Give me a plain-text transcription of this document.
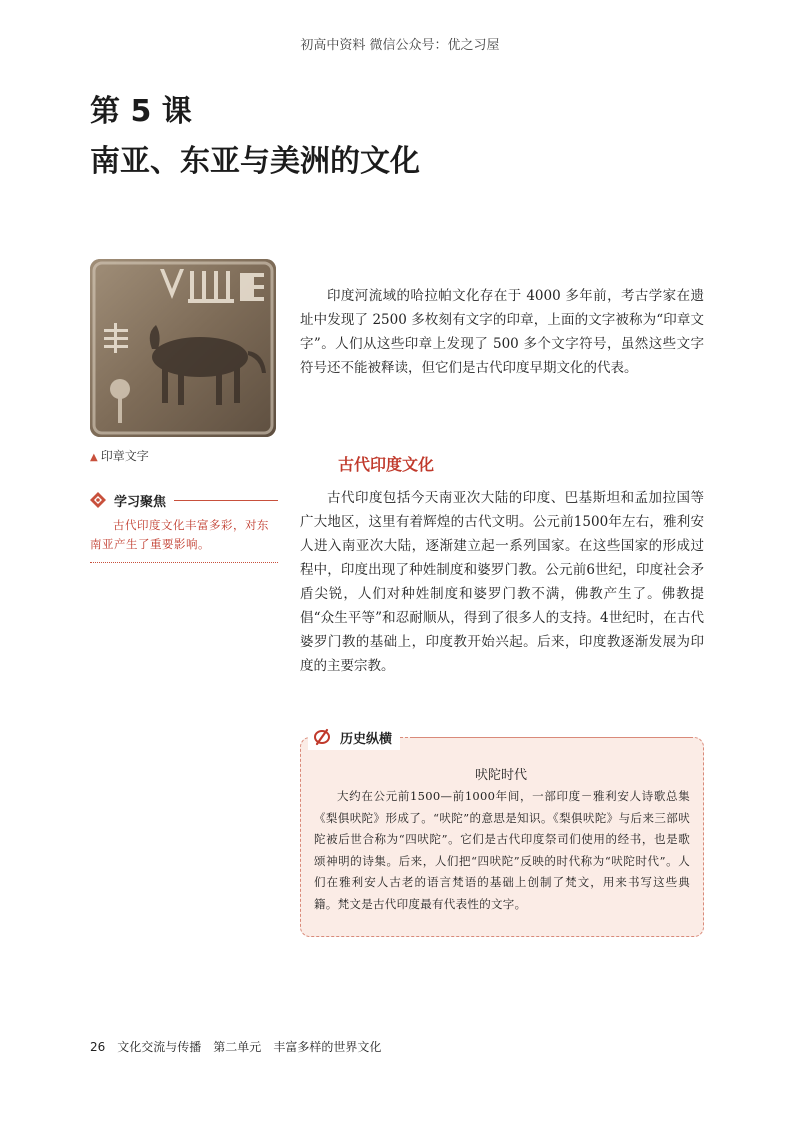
初高中资料 微信公众号：优之习屋
第 5 课
南亚、东亚与美洲的文化
▲ 印章文字
学习聚焦
古代印度文化丰富多彩，对东南亚产生了重要影响。

印度河流域的哈拉帕文化存在于 4000 多年前，考古学家在遗址中发现了 2500 多枚刻有文字的印章，上面的文字被称为“印章文字”。人们从这些印章上发现了 500 多个文字符号，虽然这些文字符号还不能被释读，但它们是古代印度早期文化的代表。

古代印度文化

古代印度包括今天南亚次大陆的印度、巴基斯坦和孟加拉国等广大地区，这里有着辉煌的古代文明。公元前1500年左右，雅利安人进入南亚次大陆，逐渐建立起一系列国家。在这些国家的形成过程中，印度出现了种姓制度和婆罗门教。公元前6世纪，印度社会矛盾尖锐，人们对种姓制度和婆罗门教不满，佛教产生了。佛教提倡“众生平等”和忍耐顺从，得到了很多人的支持。4世纪时，在古代婆罗门教的基础上，印度教开始兴起。后来，印度教逐渐发展为印度的主要宗教。

历史纵横
吠陀时代

大约在公元前1500—前1000年间，一部印度－雅利安人诗歌总集《梨俱吠陀》形成了。“吠陀”的意思是知识。《梨俱吠陀》与后来三部吠陀被后世合称为“四吠陀”。它们是古代印度祭司们使用的经书，也是歌颂神明的诗集。后来，人们把“四吠陀”反映的时代称为“吠陀时代”。人们在雅利安人古老的语言梵语的基础上创制了梵文，用来书写这些典籍。梵文是古代印度最有代表性的文字。

26 文化交流与传播 第二单元 丰富多样的世界文化
